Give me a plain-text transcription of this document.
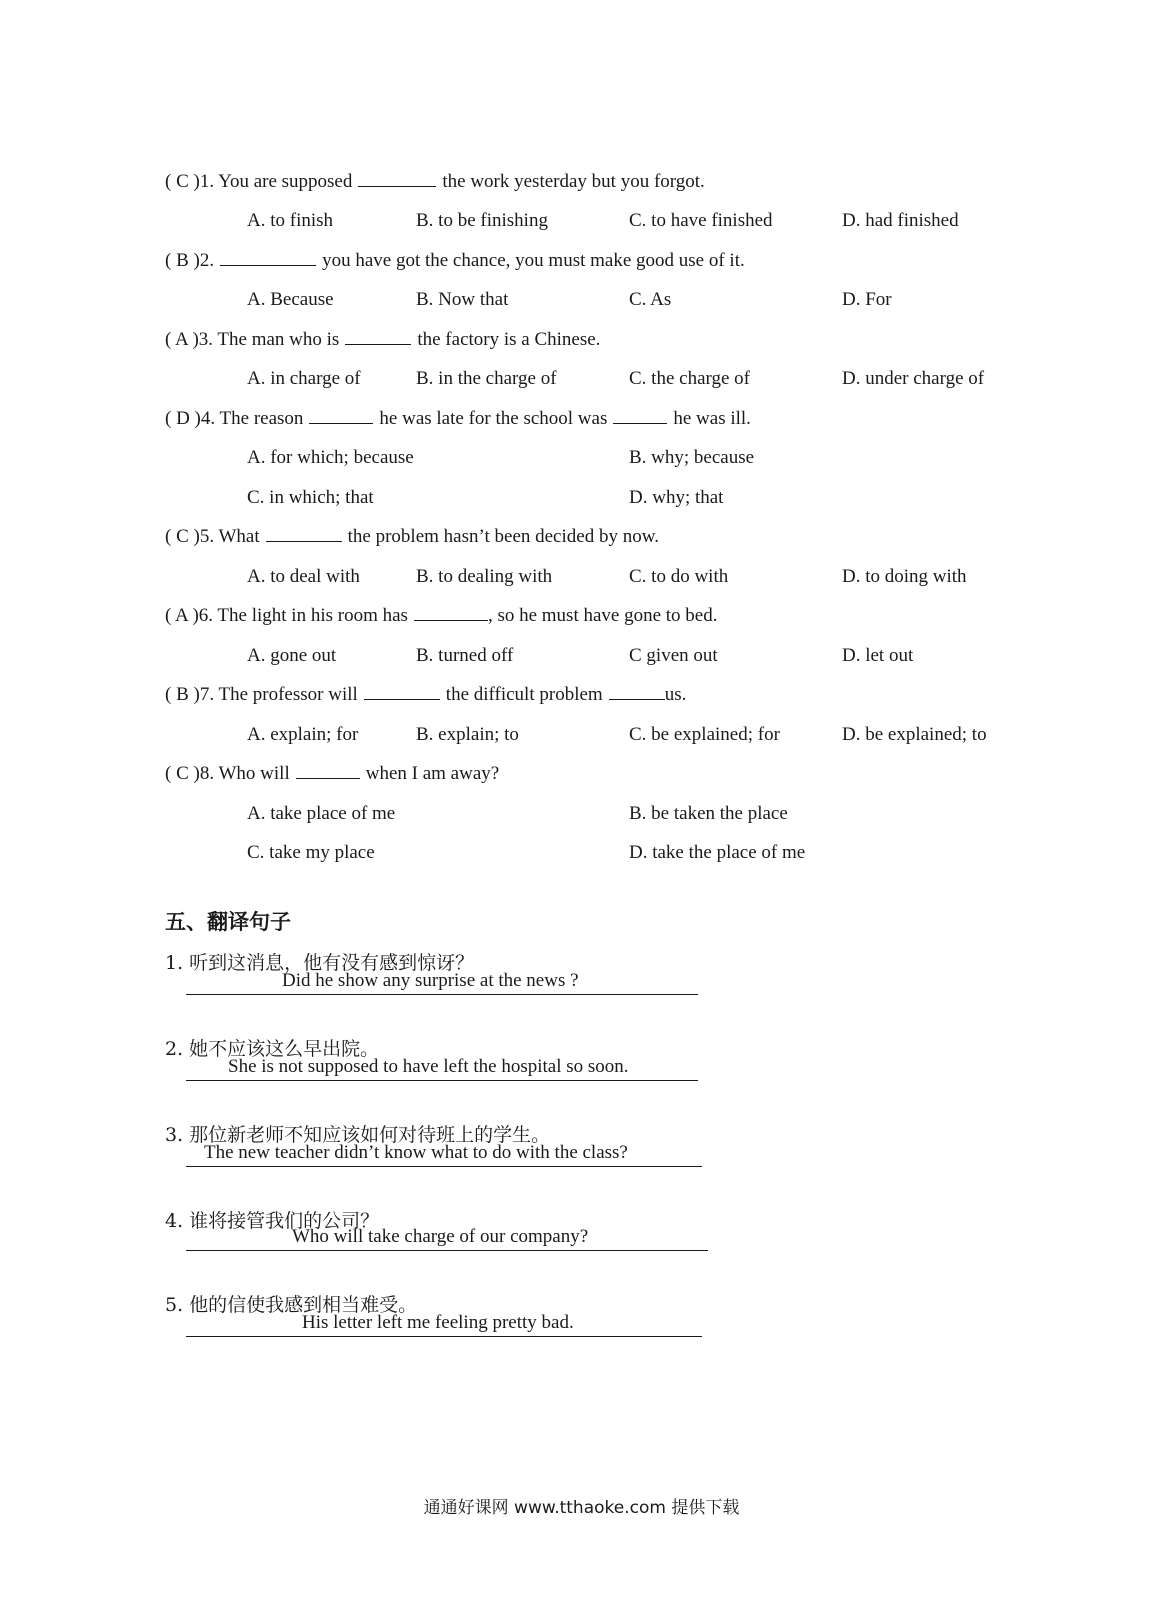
( C )1. You are supposed	the work yesterday but you forgot.
A. to finish	B. to be finishing	C. to have finished	D. had finished
( B )2.	you have got the chance, you must make good use of it.
A. Because	B. Now that	C. As	D. For
( A )3. The man who is	the factory is a Chinese.
A. in charge of	B. in the charge of	C. the charge of	D. under charge of
( D )4. The reason	he was late for the school was	he was ill.
A. for which; because	B. why; because
C. in which; that	D. why; that
( C )5. What	the problem hasn’t been decided by now.
A. to deal with	B. to dealing with	C. to do with	D. to doing with
( A )6. The light in his room has	, so he must have gone to bed.
A. gone out	B. turned off	C given out	D. let out
( B )7. The professor will	the difficult problem	us.
A. explain; for	B. explain; to	C. be explained; for	D. be explained; to
( C )8. Who will	when I am away?
A. take place of me	B. be taken the place
C. take my place	D. take the place of me
五、翻译句子
1. 听到这消息，他有没有感到惊讶？
Did he show any surprise at the news ?
2. 她不应该这么早出院。
She is not supposed to have left the hospital so soon.
3. 那位新老师不知应该如何对待班上的学生。
The new teacher didn’t know what to do with the class?
4. 谁将接管我们的公司？
Who will take charge of our company?
5. 他的信使我感到相当难受。
His letter left me feeling pretty bad.
通通好课网 www.tthaoke.com 提供下载
